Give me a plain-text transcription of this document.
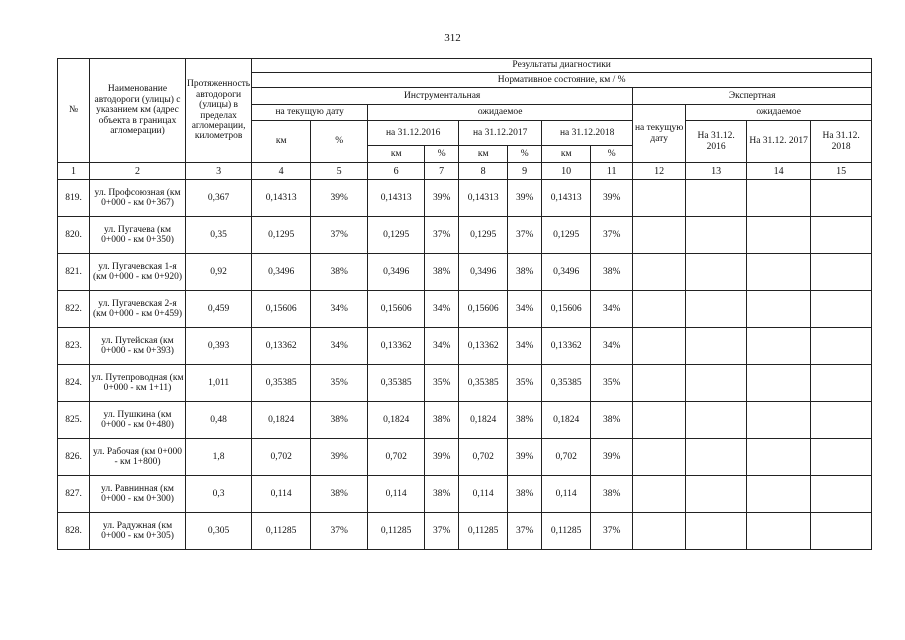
312
№	Наименование автодороги (улицы) с указанием км (адрес объекта в границах агломерации)	Протяженность автодороги (улицы) в пределах агломерации, километров	Результаты диагностики											
			Нормативное состояние, км / %											
			Инструментальная								Экспертная			
			на текущую дату		ожидаемое						на текущую дату	ожидаемое		
			км	%	на 31.12.2016		на 31.12.2017		на 31.12.2018			На 31.12. 2016	На 31.12. 2017	На 31.12. 2018
					км	%	км	%	км	%				
1	2	3	4	5	6	7	8	9	10	11	12	13	14	15
819.	ул. Профсоюзная (км 0+000 - км 0+367)	0,367	0,14313	39%	0,14313	39%	0,14313	39%	0,14313	39%				
820.	ул. Пугачева (км 0+000 - км 0+350)	0,35	0,1295	37%	0,1295	37%	0,1295	37%	0,1295	37%				
821.	ул. Пугачевская 1-я (км 0+000 - км 0+920)	0,92	0,3496	38%	0,3496	38%	0,3496	38%	0,3496	38%				
822.	ул. Пугачевская 2-я (км 0+000 - км 0+459)	0,459	0,15606	34%	0,15606	34%	0,15606	34%	0,15606	34%				
823.	ул. Путейская (км 0+000 - км 0+393)	0,393	0,13362	34%	0,13362	34%	0,13362	34%	0,13362	34%				
824.	ул. Путепроводная (км 0+000 - км 1+11)	1,011	0,35385	35%	0,35385	35%	0,35385	35%	0,35385	35%				
825.	ул. Пушкина (км 0+000 - км 0+480)	0,48	0,1824	38%	0,1824	38%	0,1824	38%	0,1824	38%				
826.	ул. Рабочая (км 0+000 - км 1+800)	1,8	0,702	39%	0,702	39%	0,702	39%	0,702	39%				
827.	ул. Равнинная (км 0+000 - км 0+300)	0,3	0,114	38%	0,114	38%	0,114	38%	0,114	38%				
828.	ул. Радужная (км 0+000 - км 0+305)	0,305	0,11285	37%	0,11285	37%	0,11285	37%	0,11285	37%				
